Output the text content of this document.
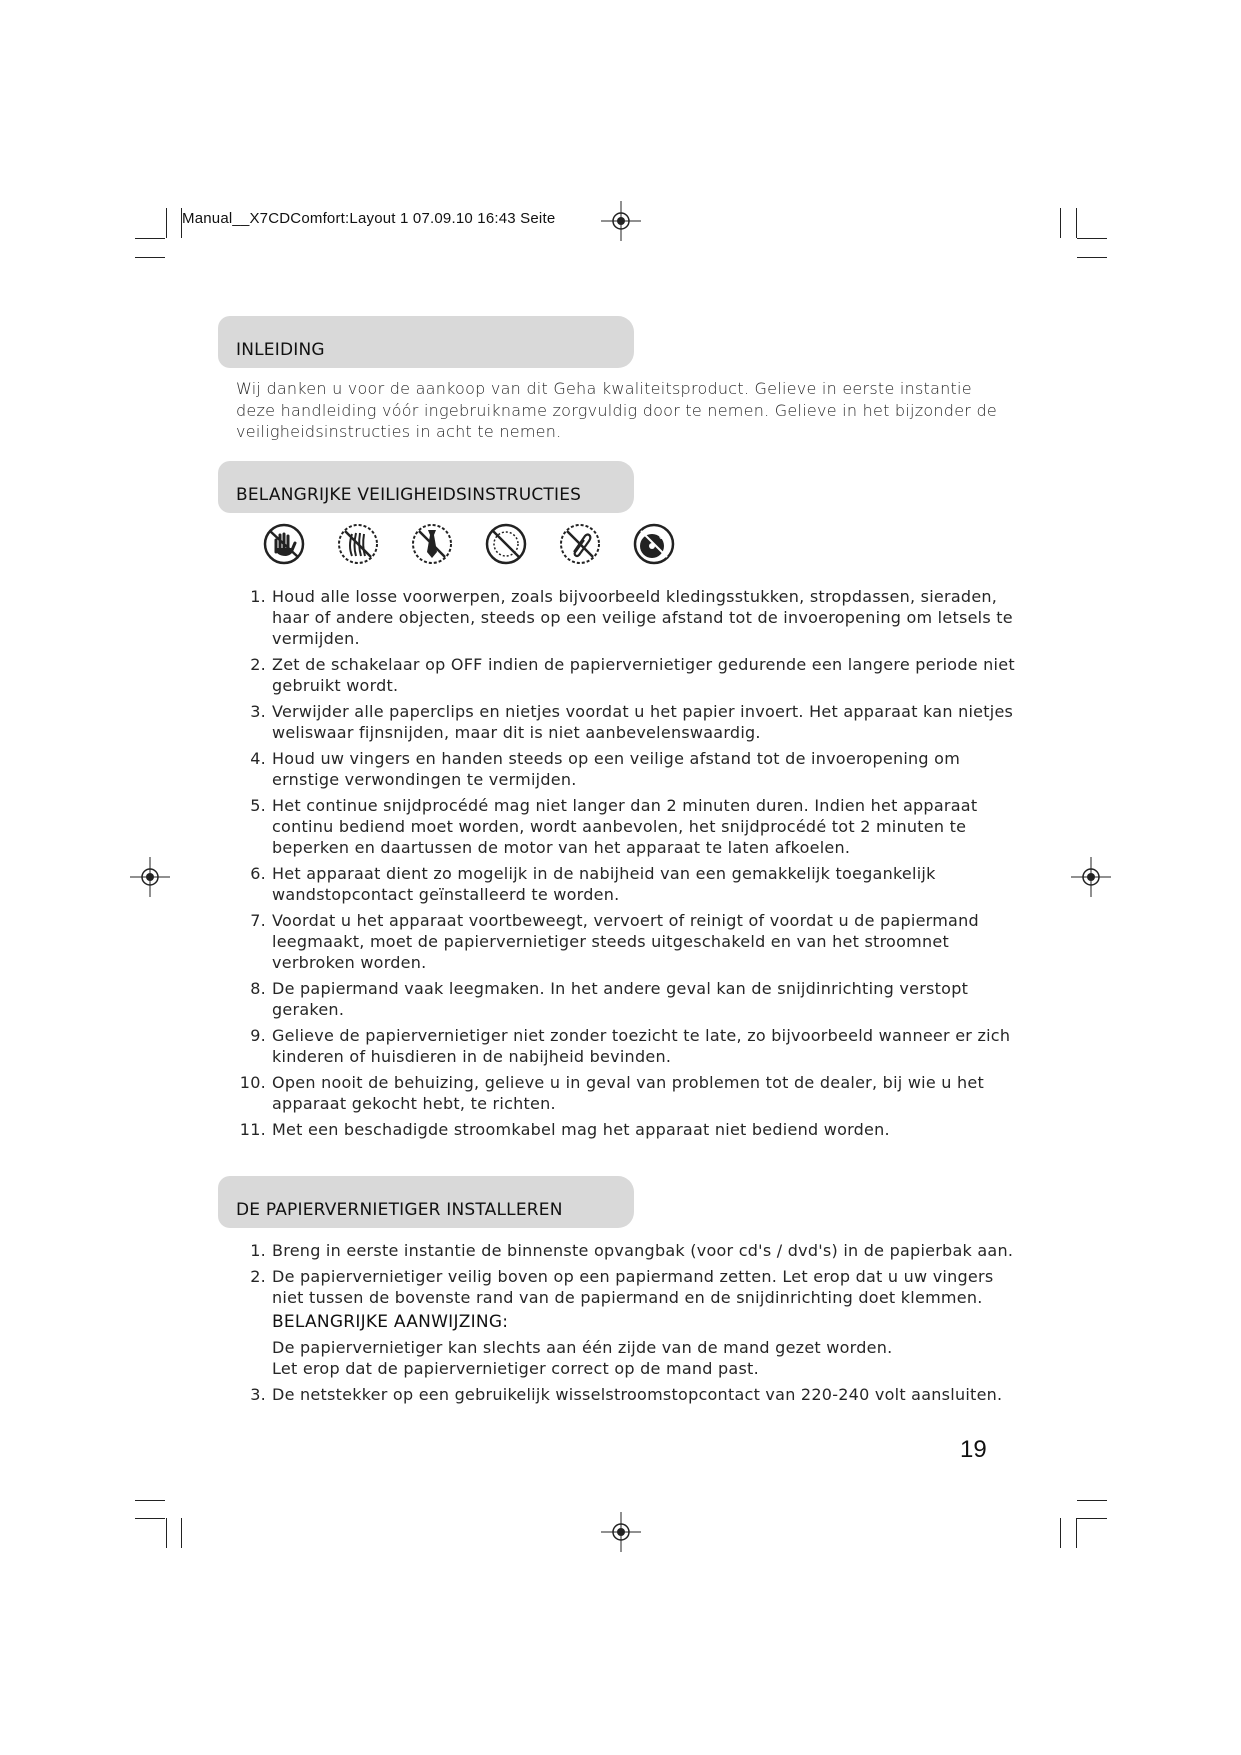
Manual__X7CDComfort:Layout 1 07.09.10 16:43 Seite
INLEIDING
Wij danken u voor de aankoop van dit Geha kwaliteitsproduct. Gelieve in eerste instantie deze handleiding vóór ingebruikname zorgvuldig door te nemen. Gelieve in het bijzonder de veiligheidsinstructies in acht te nemen.
BELANGRIJKE VEILIGHEIDSINSTRUCTIES
CD
1. Houd alle losse voorwerpen, zoals bijvoorbeeld kledingsstukken, stropdassen, sieraden, haar of andere objecten, steeds op een veilige afstand tot de invoeropening om letsels te vermijden.
2. Zet de schakelaar op OFF indien de papiervernietiger gedurende een langere periode niet gebruikt wordt.
3. Verwijder alle paperclips en nietjes voordat u het papier invoert. Het apparaat kan nietjes weliswaar fijnsnijden, maar dit is niet aanbevelenswaardig.
4. Houd uw vingers en handen steeds op een veilige afstand tot de invoeropening om ernstige verwondingen te vermijden.
5. Het continue snijdprocédé mag niet langer dan 2 minuten duren. Indien het apparaat continu bediend moet worden, wordt aanbevolen, het snijdprocédé tot 2 minuten te beperken en daartussen de motor van het apparaat te laten afkoelen.
6. Het apparaat dient zo mogelijk in de nabijheid van een gemakkelijk toegankelijk wandstopcontact geïnstalleerd te worden.
7. Voordat u het apparaat voortbeweegt, vervoert of reinigt of voordat u de papiermand leegmaakt, moet de papiervernietiger steeds uitgeschakeld en van het stroomnet verbroken worden.
8. De papiermand vaak leegmaken. In het andere geval kan de snijdinrichting verstopt geraken.
9. Gelieve de papiervernietiger niet zonder toezicht te late, zo bijvoorbeeld wanneer er zich kinderen of huisdieren in de nabijheid bevinden.
10. Open nooit de behuizing, gelieve u in geval van problemen tot de dealer, bij wie u het apparaat gekocht hebt, te richten.
11. Met een beschadigde stroomkabel mag het apparaat niet bediend worden.
DE PAPIERVERNIETIGER INSTALLEREN
1. Breng in eerste instantie de binnenste opvangbak (voor cd's / dvd's) in de papierbak aan.
2. De papiervernietiger veilig boven op een papiermand zetten. Let erop dat u uw vingers niet tussen de bovenste rand van de papiermand en de snijdinrichting doet klemmen.
BELANGRIJKE AANWIJZING:
De papiervernietiger kan slechts aan één zijde van de mand gezet worden.
Let erop dat de papiervernietiger correct op de mand past.
3. De netstekker op een gebruikelijk wisselstroomstopcontact van 220-240 volt aansluiten.
19
